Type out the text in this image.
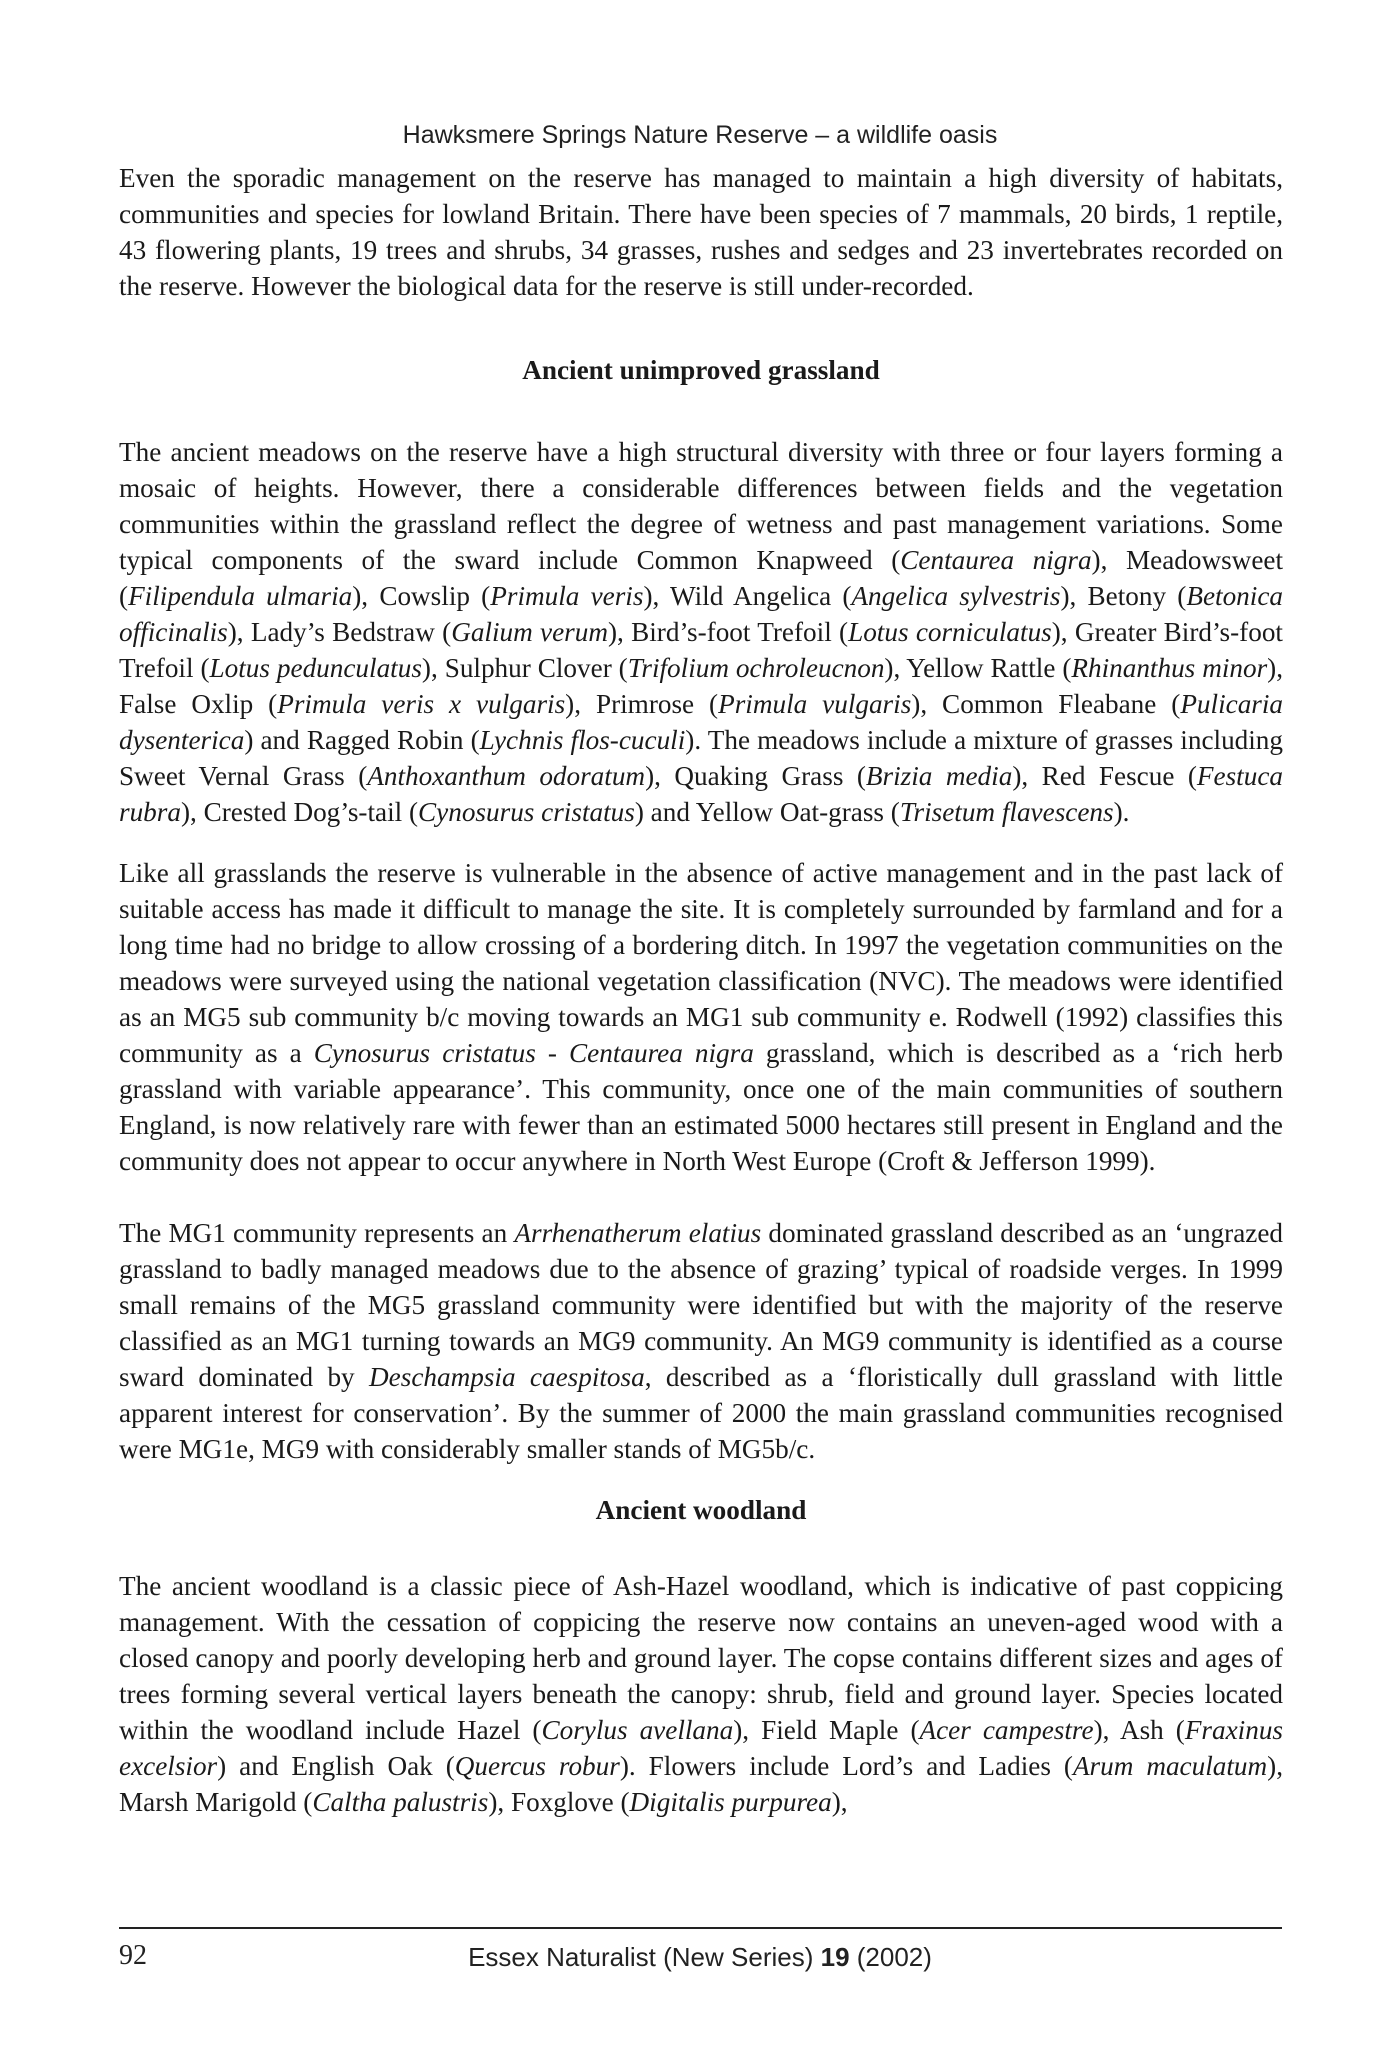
Hawksmere Springs Nature Reserve – a wildlife oasis

Even the sporadic management on the reserve has managed to maintain a high diversity of habitats, communities and species for lowland Britain. There have been species of 7 mammals, 20 birds, 1 reptile, 43 flowering plants, 19 trees and shrubs, 34 grasses, rushes and sedges and 23 invertebrates recorded on the reserve. However the biological data for the reserve is still under-recorded.

Ancient unimproved grassland

The ancient meadows on the reserve have a high structural diversity with three or four layers forming a mosaic of heights. However, there a considerable differences between fields and the vegetation communities within the grassland reflect the degree of wetness and past management variations. Some typical components of the sward include Common Knapweed (Centaurea nigra), Meadowsweet (Filipendula ulmaria), Cowslip (Primula veris), Wild Angelica (Angelica sylvestris), Betony (Betonica officinalis), Lady’s Bedstraw (Galium verum), Bird’s-foot Trefoil (Lotus corniculatus), Greater Bird’s-foot Trefoil (Lotus pedunculatus), Sulphur Clover (Trifolium ochroleucnon), Yellow Rattle (Rhinanthus minor), False Oxlip (Primula veris x vulgaris), Primrose (Primula vulgaris), Common Fleabane (Pulicaria dysenterica) and Ragged Robin (Lychnis flos-cuculi). The meadows include a mixture of grasses including Sweet Vernal Grass (Anthoxanthum odoratum), Quaking Grass (Brizia media), Red Fescue (Festuca rubra), Crested Dog’s-tail (Cynosurus cristatus) and Yellow Oat-grass (Trisetum flavescens).

Like all grasslands the reserve is vulnerable in the absence of active management and in the past lack of suitable access has made it difficult to manage the site. It is completely surrounded by farmland and for a long time had no bridge to allow crossing of a bordering ditch. In 1997 the vegetation communities on the meadows were surveyed using the national vegetation classification (NVC). The meadows were identified as an MG5 sub community b/c moving towards an MG1 sub community e. Rodwell (1992) classifies this community as a Cynosurus cristatus - Centaurea nigra grassland, which is described as a ‘rich herb grassland with variable appearance’. This community, once one of the main communities of southern England, is now relatively rare with fewer than an estimated 5000 hectares still present in England and the community does not appear to occur anywhere in North West Europe (Croft & Jefferson 1999).

The MG1 community represents an Arrhenatherum elatius dominated grassland described as an ‘ungrazed grassland to badly managed meadows due to the absence of grazing’ typical of roadside verges. In 1999 small remains of the MG5 grassland community were identified but with the majority of the reserve classified as an MG1 turning towards an MG9 community. An MG9 community is identified as a course sward dominated by Deschampsia caespitosa, described as a ‘floristically dull grassland with little apparent interest for conservation’. By the summer of 2000 the main grassland communities recognised were MG1e, MG9 with considerably smaller stands of MG5b/c.

Ancient woodland

The ancient woodland is a classic piece of Ash-Hazel woodland, which is indicative of past coppicing management. With the cessation of coppicing the reserve now contains an uneven-aged wood with a closed canopy and poorly developing herb and ground layer. The copse contains different sizes and ages of trees forming several vertical layers beneath the canopy: shrub, field and ground layer. Species located within the woodland include Hazel (Corylus avellana), Field Maple (Acer campestre), Ash (Fraxinus excelsior) and English Oak (Quercus robur). Flowers include Lord’s and Ladies (Arum maculatum), Marsh Marigold (Caltha palustris), Foxglove (Digitalis purpurea),

92	Essex Naturalist (New Series) 19 (2002)
